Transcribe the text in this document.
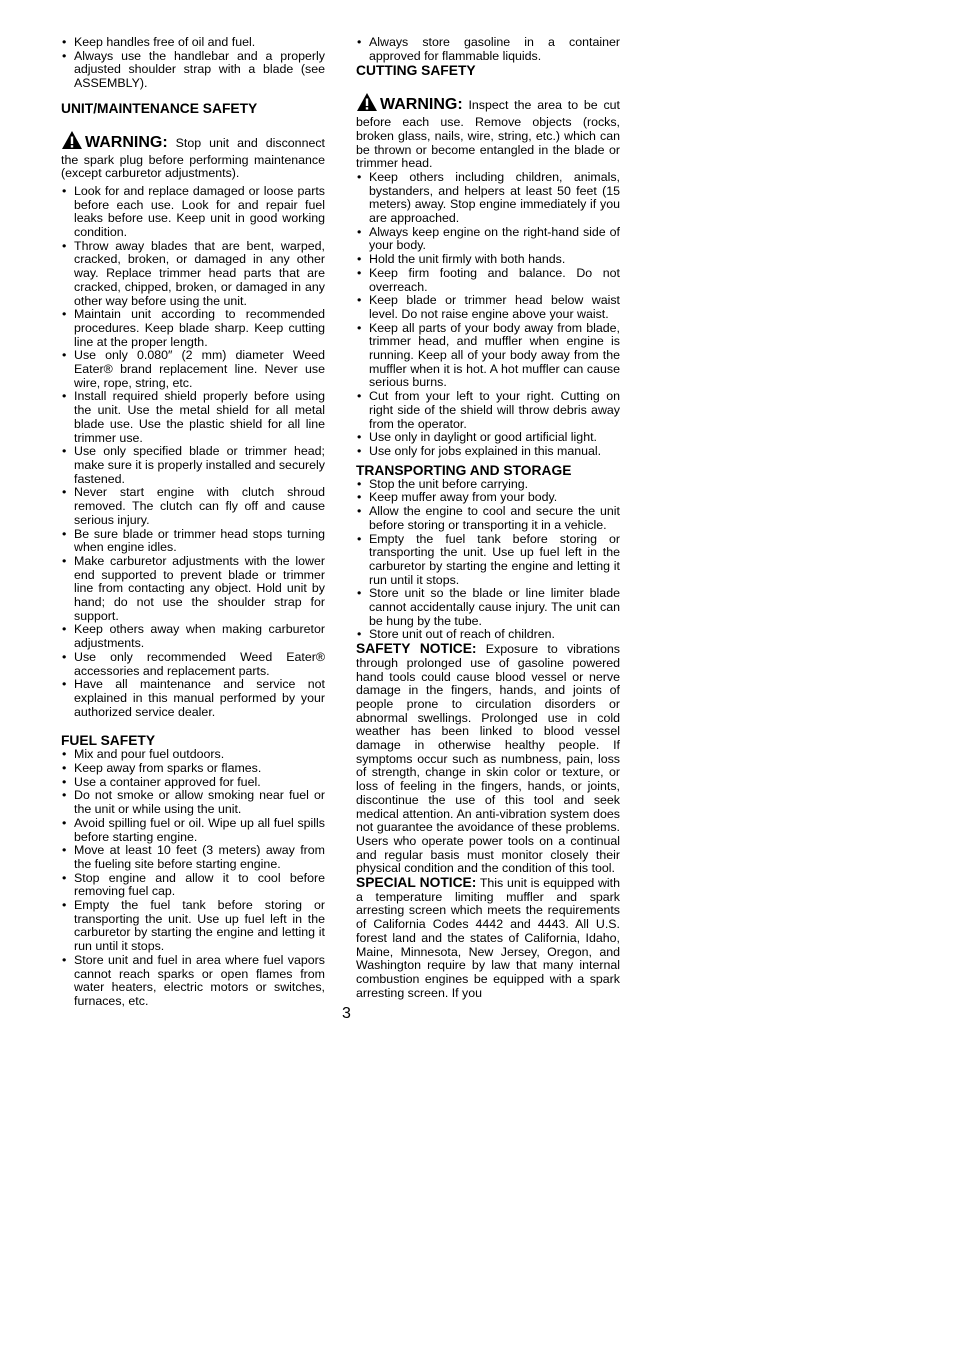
• Keep handles free of oil and fuel.
• Always use the handlebar and a properly adjusted shoulder strap with a blade (see ASSEMBLY).
UNIT/MAINTENANCE SAFETY

WARNING: Stop unit and disconnect the spark plug before performing maintenance (except carburetor adjustments).

• Look for and replace damaged or loose parts before each use. Look for and repair fuel leaks before use. Keep unit in good working condition.
• Throw away blades that are bent, warped, cracked, broken, or damaged in any other way. Replace trimmer head parts that are cracked, chipped, broken, or damaged in any other way before using the unit.
• Maintain unit according to recommended procedures. Keep blade sharp. Keep cutting line at the proper length.
• Use only 0.080″ (2 mm) diameter Weed Eater® brand replacement line. Never use wire, rope, string, etc.
• Install required shield properly before using the unit. Use the metal shield for all metal blade use. Use the plastic shield for all line trimmer use.
• Use only specified blade or trimmer head; make sure it is properly installed and securely fastened.
• Never start engine with clutch shroud removed. The clutch can fly off and cause serious injury.
• Be sure blade or trimmer head stops turning when engine idles.
• Make carburetor adjustments with the lower end supported to prevent blade or trimmer line from contacting any object. Hold unit by hand; do not use the shoulder strap for support.
• Keep others away when making carburetor adjustments.
• Use only recommended Weed Eater® accessories and replacement parts.
• Have all maintenance and service not explained in this manual performed by your authorized service dealer.
FUEL SAFETY
• Mix and pour fuel outdoors.
• Keep away from sparks or flames.
• Use a container approved for fuel.
• Do not smoke or allow smoking near fuel or the unit or while using the unit.
• Avoid spilling fuel or oil. Wipe up all fuel spills before starting engine.
• Move at least 10 feet (3 meters) away from the fueling site before starting engine.
• Stop engine and allow it to cool before removing fuel cap.
• Empty the fuel tank before storing or transporting the unit. Use up fuel left in the carburetor by starting the engine and letting it run until it stops.
• Store unit and fuel in area where fuel vapors cannot reach sparks or open flames from water heaters, electric motors or switches, furnaces, etc.
• Always store gasoline in a container approved for flammable liquids.
CUTTING SAFETY

WARNING: Inspect the area to be cut before each use. Remove objects (rocks, broken glass, nails, wire, string, etc.) which can be thrown or become entangled in the blade or trimmer head.

• Keep others including children, animals, bystanders, and helpers at least 50 feet (15 meters) away. Stop engine immediately if you are approached.
• Always keep engine on the right-hand side of your body.
• Hold the unit firmly with both hands.
• Keep firm footing and balance. Do not overreach.
• Keep blade or trimmer head below waist level. Do not raise engine above your waist.
• Keep all parts of your body away from blade, trimmer head, and muffler when engine is running. Keep all of your body away from the muffler when it is hot. A hot muffler can cause serious burns.
• Cut from your left to your right. Cutting on right side of the shield will throw debris away from the operator.
• Use only in daylight or good artificial light.
• Use only for jobs explained in this manual.
TRANSPORTING AND STORAGE
• Stop the unit before carrying.
• Keep muffer away from your body.
• Allow the engine to cool and secure the unit before storing or transporting it in a vehicle.
• Empty the fuel tank before storing or transporting the unit. Use up fuel left in the carburetor by starting the engine and letting it run until it stops.
• Store unit so the blade or line limiter blade cannot accidentally cause injury. The unit can be hung by the tube.
• Store unit out of reach of children.

SAFETY NOTICE: Exposure to vibrations through prolonged use of gasoline powered hand tools could cause blood vessel or nerve damage in the fingers, hands, and joints of people prone to circulation disorders or abnormal swellings. Prolonged use in cold weather has been linked to blood vessel damage in otherwise healthy people. If symptoms occur such as numbness, pain, loss of strength, change in skin color or texture, or loss of feeling in the fingers, hands, or joints, discontinue the use of this tool and seek medical attention. An anti-vibration system does not guarantee the avoidance of these problems. Users who operate power tools on a continual and regular basis must monitor closely their physical condition and the condition of this tool.

SPECIAL NOTICE: This unit is equipped with a temperature limiting muffler and spark arresting screen which meets the requirements of California Codes 4442 and 4443. All U.S. forest land and the states of California, Idaho, Maine, Minnesota, New Jersey, Oregon, and Washington require by law that many internal combustion engines be equipped with a spark arresting screen. If you

3
